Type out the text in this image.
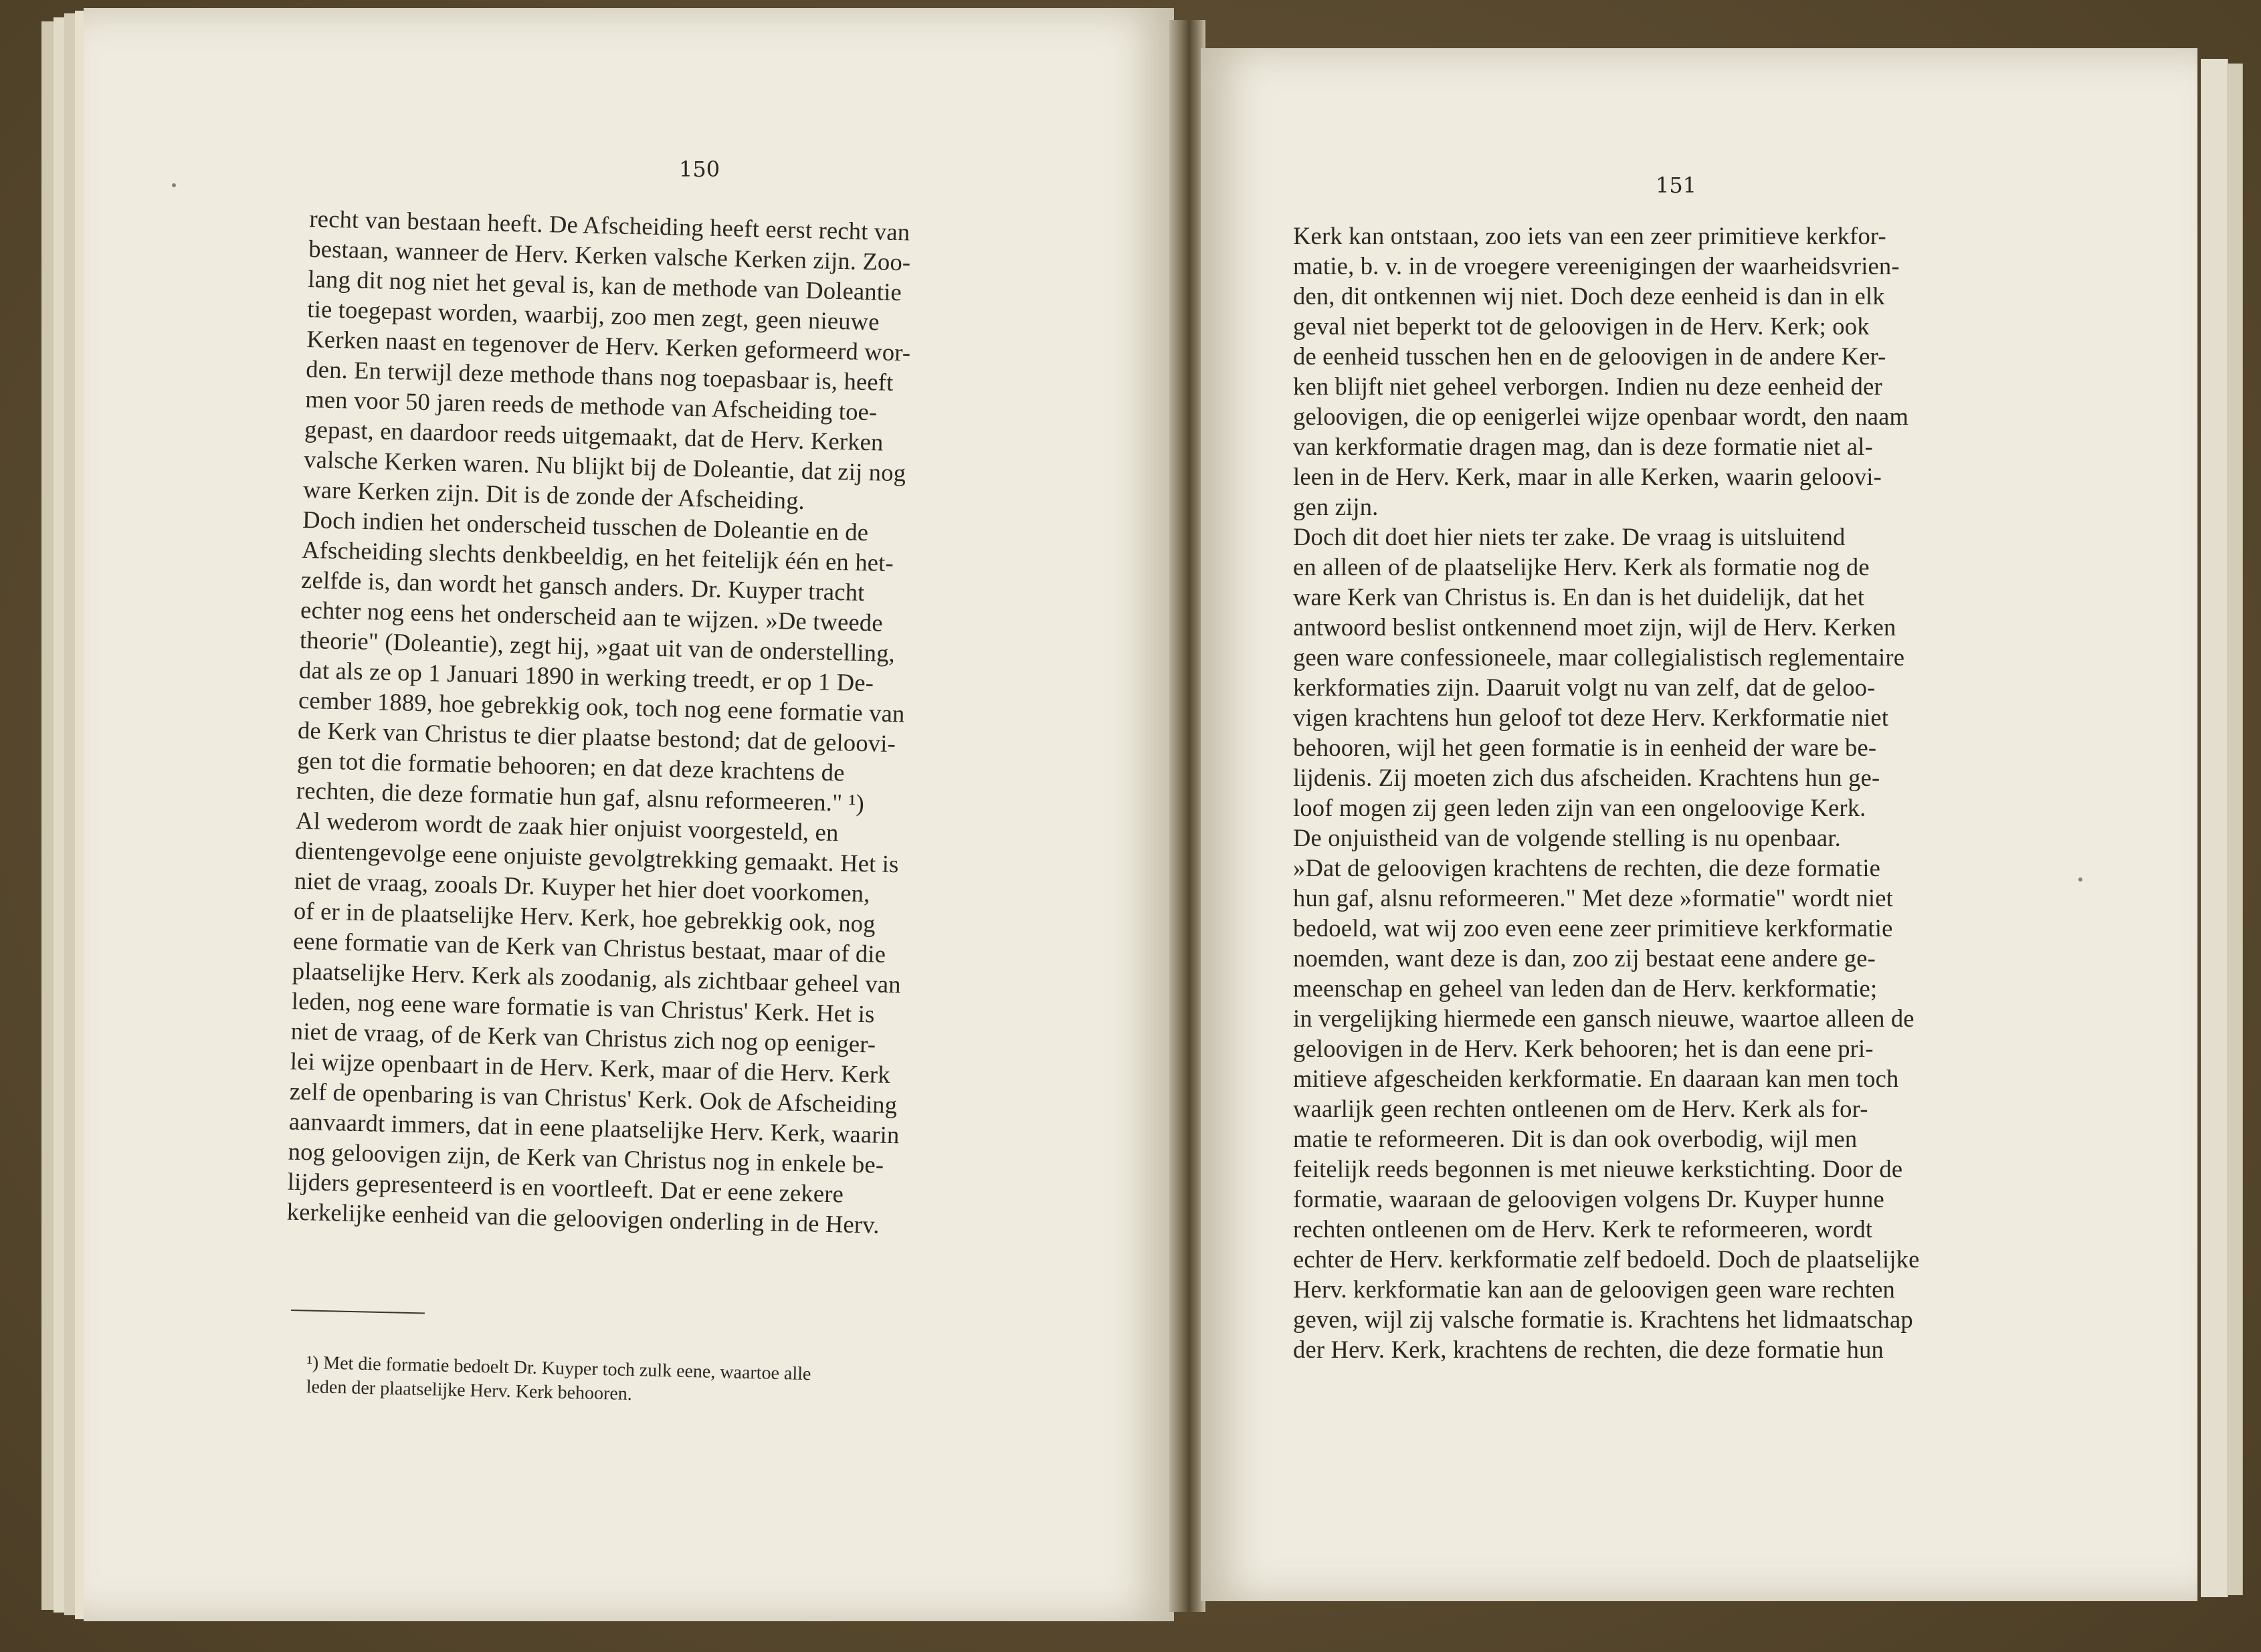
150
recht van bestaan heeft. De Afscheiding heeft eerst recht van
bestaan, wanneer de Herv. Kerken valsche Kerken zijn. Zoo-
lang dit nog niet het geval is, kan de methode van Doleantie
tie toegepast worden, waarbij, zoo men zegt, geen nieuwe
Kerken naast en tegenover de Herv. Kerken geformeerd wor-
den. En terwijl deze methode thans nog toepasbaar is, heeft
men voor 50 jaren reeds de methode van Afscheiding toe-
gepast, en daardoor reeds uitgemaakt, dat de Herv. Kerken
valsche Kerken waren. Nu blijkt bij de Doleantie, dat zij nog
ware Kerken zijn. Dit is de zonde der Afscheiding.
Doch indien het onderscheid tusschen de Doleantie en de
Afscheiding slechts denkbeeldig, en het feitelijk één en het-
zelfde is, dan wordt het gansch anders. Dr. Kuyper tracht
echter nog eens het onderscheid aan te wijzen. »De tweede
theorie" (Doleantie), zegt hij, »gaat uit van de onderstelling,
dat als ze op 1 Januari 1890 in werking treedt, er op 1 De-
cember 1889, hoe gebrekkig ook, toch nog eene formatie van
de Kerk van Christus te dier plaatse bestond; dat de geloovi-
gen tot die formatie behooren; en dat deze krachtens de
rechten, die deze formatie hun gaf, alsnu reformeeren." ¹)
Al wederom wordt de zaak hier onjuist voorgesteld, en
dientengevolge eene onjuiste gevolgtrekking gemaakt. Het is
niet de vraag, zooals Dr. Kuyper het hier doet voorkomen,
of er in de plaatselijke Herv. Kerk, hoe gebrekkig ook, nog
eene formatie van de Kerk van Christus bestaat, maar of die
plaatselijke Herv. Kerk als zoodanig, als zichtbaar geheel van
leden, nog eene ware formatie is van Christus' Kerk. Het is
niet de vraag, of de Kerk van Christus zich nog op eeniger-
lei wijze openbaart in de Herv. Kerk, maar of die Herv. Kerk
zelf de openbaring is van Christus' Kerk. Ook de Afscheiding
aanvaardt immers, dat in eene plaatselijke Herv. Kerk, waarin
nog geloovigen zijn, de Kerk van Christus nog in enkele be-
lijders gepresenteerd is en voortleeft. Dat er eene zekere
kerkelijke eenheid van die geloovigen onderling in de Herv.
¹) Met die formatie bedoelt Dr. Kuyper toch zulk eene, waartoe alle
leden der plaatselijke Herv. Kerk behooren.
151
Kerk kan ontstaan, zoo iets van een zeer primitieve kerkfor-
matie, b. v. in de vroegere vereenigingen der waarheidsvrien-
den, dit ontkennen wij niet. Doch deze eenheid is dan in elk
geval niet beperkt tot de geloovigen in de Herv. Kerk; ook
de eenheid tusschen hen en de geloovigen in de andere Ker-
ken blijft niet geheel verborgen. Indien nu deze eenheid der
geloovigen, die op eenigerlei wijze openbaar wordt, den naam
van kerkformatie dragen mag, dan is deze formatie niet al-
leen in de Herv. Kerk, maar in alle Kerken, waarin geloovi-
gen zijn.
Doch dit doet hier niets ter zake. De vraag is uitsluitend
en alleen of de plaatselijke Herv. Kerk als formatie nog de
ware Kerk van Christus is. En dan is het duidelijk, dat het
antwoord beslist ontkennend moet zijn, wijl de Herv. Kerken
geen ware confessioneele, maar collegialistisch reglementaire
kerkformaties zijn. Daaruit volgt nu van zelf, dat de geloo-
vigen krachtens hun geloof tot deze Herv. Kerkformatie niet
behooren, wijl het geen formatie is in eenheid der ware be-
lijdenis. Zij moeten zich dus afscheiden. Krachtens hun ge-
loof mogen zij geen leden zijn van een ongeloovige Kerk.
De onjuistheid van de volgende stelling is nu openbaar.
»Dat de geloovigen krachtens de rechten, die deze formatie
hun gaf, alsnu reformeeren." Met deze »formatie" wordt niet
bedoeld, wat wij zoo even eene zeer primitieve kerkformatie
noemden, want deze is dan, zoo zij bestaat eene andere ge-
meenschap en geheel van leden dan de Herv. kerkformatie;
in vergelijking hiermede een gansch nieuwe, waartoe alleen de
geloovigen in de Herv. Kerk behooren; het is dan eene pri-
mitieve afgescheiden kerkformatie. En daaraan kan men toch
waarlijk geen rechten ontleenen om de Herv. Kerk als for-
matie te reformeeren. Dit is dan ook overbodig, wijl men
feitelijk reeds begonnen is met nieuwe kerkstichting. Door de
formatie, waaraan de geloovigen volgens Dr. Kuyper hunne
rechten ontleenen om de Herv. Kerk te reformeeren, wordt
echter de Herv. kerkformatie zelf bedoeld. Doch de plaatselijke
Herv. kerkformatie kan aan de geloovigen geen ware rechten
geven, wijl zij valsche formatie is. Krachtens het lidmaatschap
der Herv. Kerk, krachtens de rechten, die deze formatie hun
